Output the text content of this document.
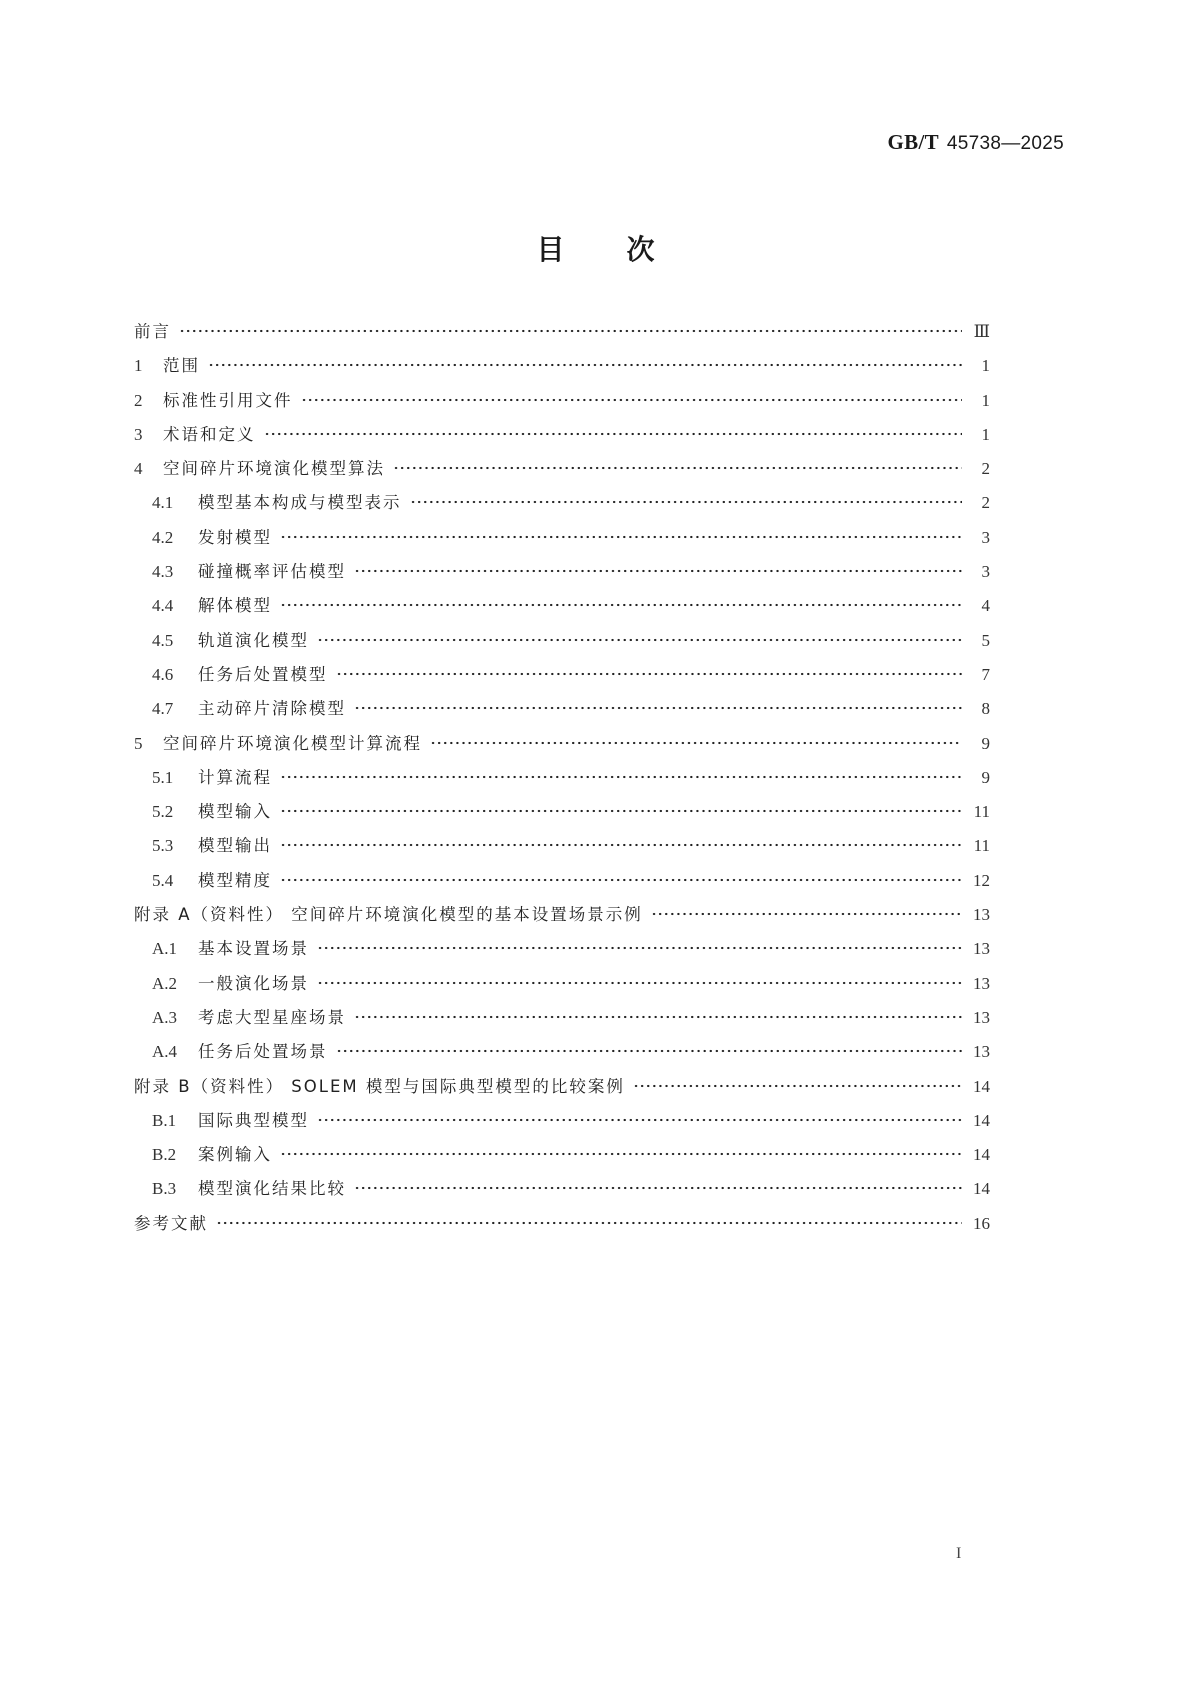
GB/T 45738—2025
目 次
前言	Ⅲ
1	范围	1
2	标准性引用文件	1
3	术语和定义	1
4	空间碎片环境演化模型算法	2
4.1	模型基本构成与模型表示	2
4.2	发射模型	3
4.3	碰撞概率评估模型	3
4.4	解体模型	4
4.5	轨道演化模型	5
4.6	任务后处置模型	7
4.7	主动碎片清除模型	8
5	空间碎片环境演化模型计算流程	9
5.1	计算流程	9
5.2	模型输入	11
5.3	模型输出	11
5.4	模型精度	12
附录 A（资料性） 空间碎片环境演化模型的基本设置场景示例	13
A.1	基本设置场景	13
A.2	一般演化场景	13
A.3	考虑大型星座场景	13
A.4	任务后处置场景	13
附录 B（资料性） SOLEM 模型与国际典型模型的比较案例	14
B.1	国际典型模型	14
B.2	案例输入	14
B.3	模型演化结果比较	14
参考文献	16
I
